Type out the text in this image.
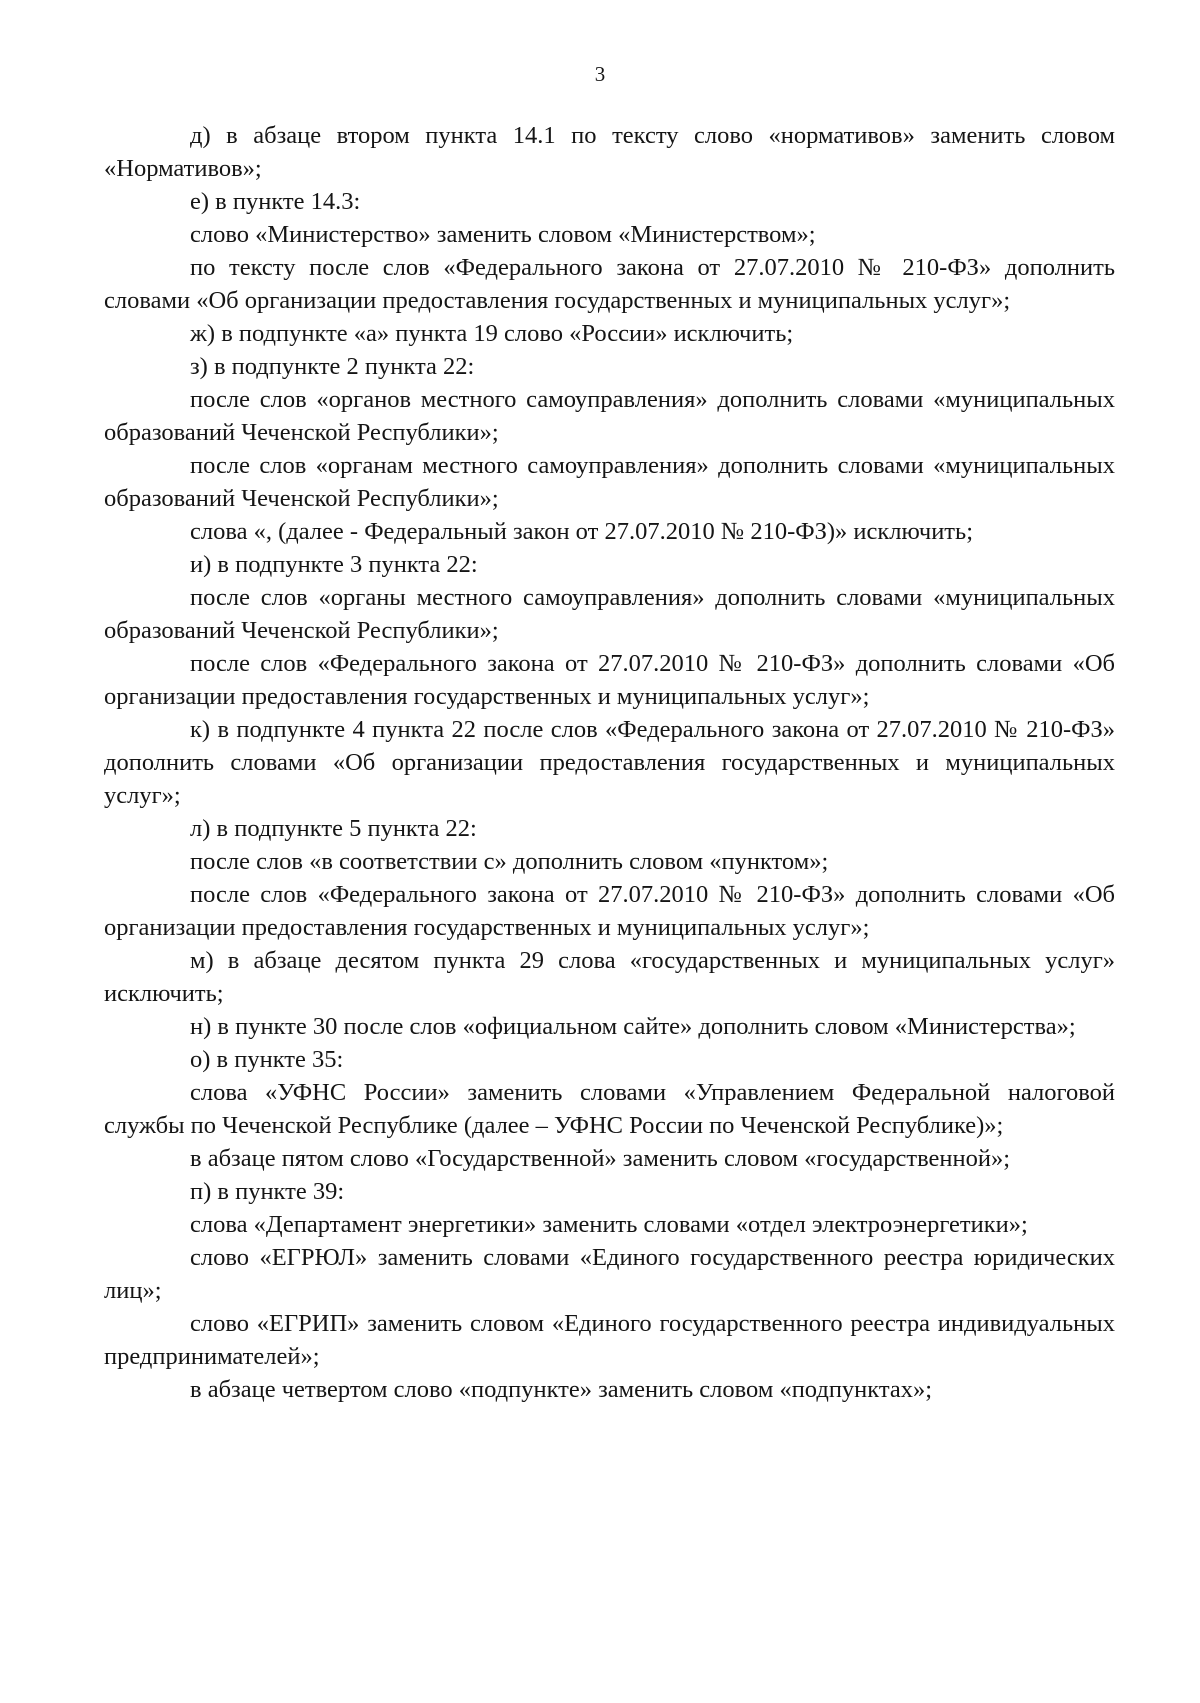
3

д) в абзаце втором пункта 14.1 по тексту слово «нормативов» заменить словом «Нормативов»;

е) в пункте 14.3:

слово «Министерство» заменить словом «Министерством»;

по тексту после слов «Федерального закона от 27.07.2010 № 210-ФЗ» дополнить словами «Об организации предоставления государственных и муниципальных услуг»;

ж) в подпункте «а» пункта 19 слово «России» исключить;

з) в подпункте 2 пункта 22:

после слов «органов местного самоуправления» дополнить словами «муниципальных образований Чеченской Республики»;

после слов «органам местного самоуправления» дополнить словами «муниципальных образований Чеченской Республики»;

слова «, (далее - Федеральный закон от 27.07.2010 № 210-ФЗ)» исключить;

и) в подпункте 3 пункта 22:

после слов «органы местного самоуправления» дополнить словами «муниципальных образований Чеченской Республики»;

после слов «Федерального закона от 27.07.2010 № 210-ФЗ» дополнить словами «Об организации предоставления государственных и муниципальных услуг»;

к) в подпункте 4 пункта 22 после слов «Федерального закона от 27.07.2010 № 210-ФЗ» дополнить словами «Об организации предоставления государственных и муниципальных услуг»;

л) в подпункте 5 пункта 22:

после слов «в соответствии с» дополнить словом «пунктом»;

после слов «Федерального закона от 27.07.2010 № 210-ФЗ» дополнить словами «Об организации предоставления государственных и муниципальных услуг»;

м) в абзаце десятом пункта 29 слова «государственных и муниципальных услуг» исключить;

н) в пункте 30 после слов «официальном сайте» дополнить словом «Министерства»;

о) в пункте 35:

слова «УФНС России» заменить словами «Управлением Федеральной налоговой службы по Чеченской Республике (далее – УФНС России по Чеченской Республике)»;

в абзаце пятом слово «Государственной» заменить словом «государственной»;

п) в пункте 39:

слова «Департамент энергетики» заменить словами «отдел электроэнергетики»;

слово «ЕГРЮЛ» заменить словами «Единого государственного реестра юридических лиц»;

слово «ЕГРИП» заменить словом «Единого государственного реестра индивидуальных предпринимателей»;

в абзаце четвертом слово «подпункте» заменить словом «подпунктах»;
